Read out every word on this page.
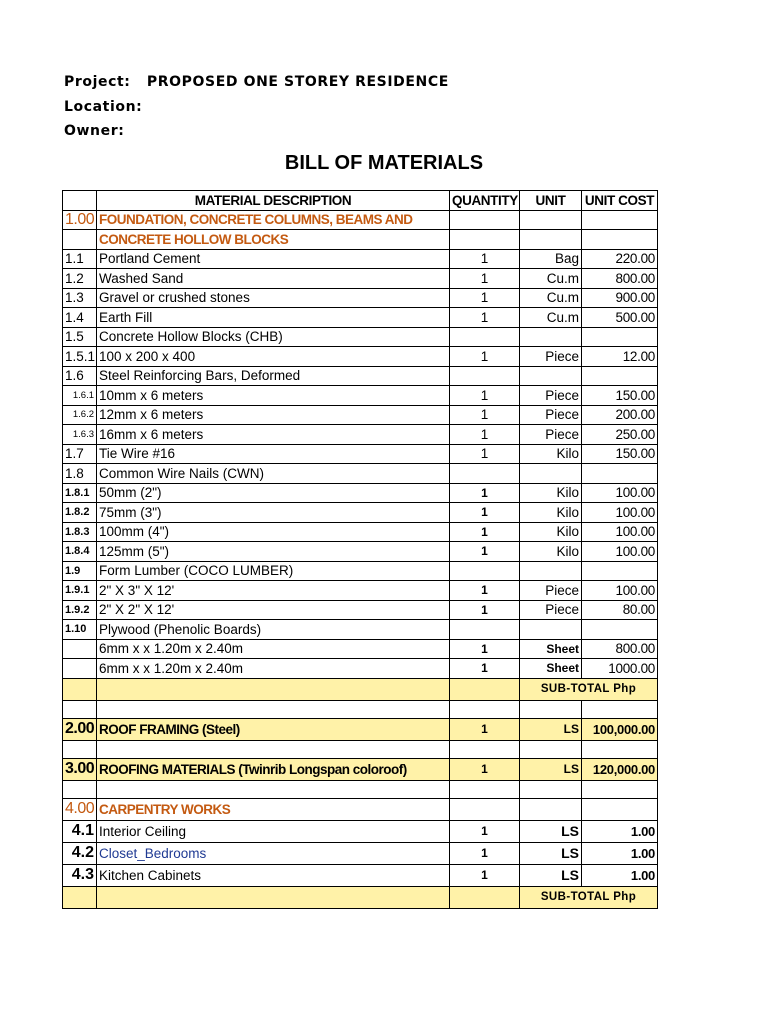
Project: PROPOSED ONE STOREY RESIDENCE
Location:
Owner:
BILL OF MATERIALS
	MATERIAL DESCRIPTION	QUANTITY	UNIT	UNIT COST
1.00	FOUNDATION, CONCRETE COLUMNS, BEAMS AND			
	CONCRETE HOLLOW BLOCKS			
1.1	Portland Cement	1	Bag	220.00
1.2	Washed Sand	1	Cu.m	800.00
1.3	Gravel or crushed stones	1	Cu.m	900.00
1.4	Earth Fill	1	Cu.m	500.00
1.5	Concrete Hollow Blocks (CHB)			
1.5.1	100 x 200 x 400	1	Piece	12.00
1.6	Steel Reinforcing Bars, Deformed			
1.6.1	10mm x 6 meters	1	Piece	150.00
1.6.2	12mm x 6 meters	1	Piece	200.00
1.6.3	16mm x 6 meters	1	Piece	250.00
1.7	Tie Wire #16	1	Kilo	150.00
1.8	Common Wire Nails (CWN)			
1.8.1	50mm (2")	1	Kilo	100.00
1.8.2	75mm (3")	1	Kilo	100.00
1.8.3	100mm (4")	1	Kilo	100.00
1.8.4	125mm (5")	1	Kilo	100.00
1.9	Form Lumber (COCO LUMBER)			
1.9.1	2" X 3" X 12'	1	Piece	100.00
1.9.2	2" X 2" X 12'	1	Piece	80.00
1.10	Plywood (Phenolic Boards)			
	6mm x x 1.20m x 2.40m	1	Sheet	800.00
	6mm x x 1.20m x 2.40m	1	Sheet	1000.00
			SUB-TOTAL Php	

2.00	ROOF FRAMING (Steel)	1	LS	100,000.00

3.00	ROOFING MATERIALS (Twinrib Longspan coloroof)	1	LS	120,000.00

4.00	CARPENTRY WORKS			
4.1	Interior Ceiling	1	LS	1.00
4.2	Closet_Bedrooms	1	LS	1.00
4.3	Kitchen Cabinets	1	LS	1.00
			SUB-TOTAL Php	
